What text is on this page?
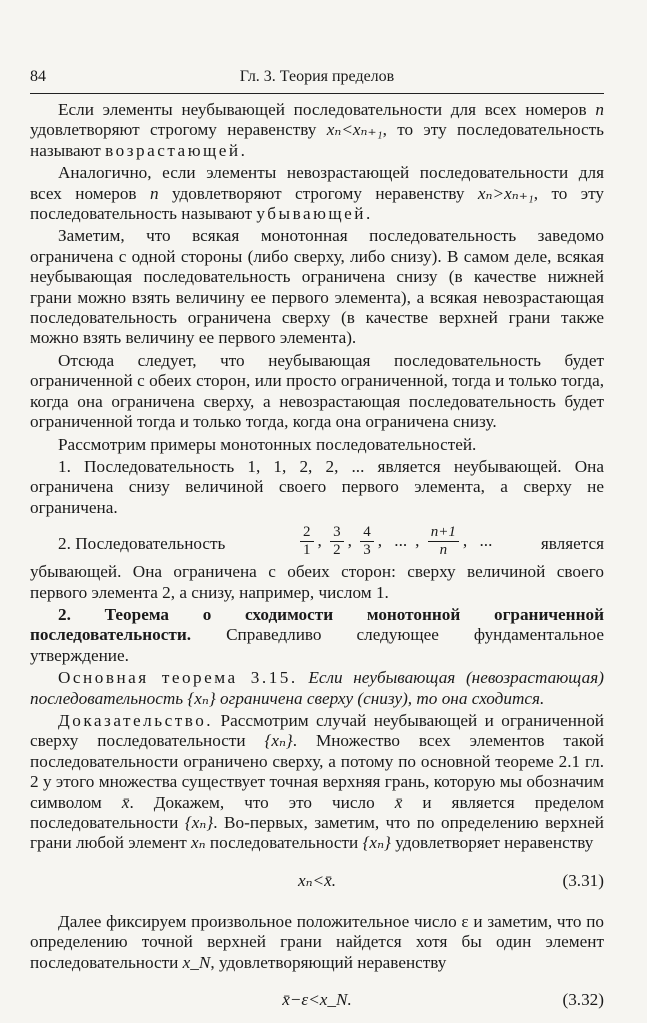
84	Гл. 3. Теория пределов

Если элементы неубывающей последовательности для всех номеров n удовлетворяют строгому неравенству xₙ<xₙ₊₁, то эту последовательность называют возрастающей.

Аналогично, если элементы невозрастающей последовательности для всех номеров n удовлетворяют строгому неравенству xₙ>xₙ₊₁, то эту последовательность называют убывающей.

Заметим, что всякая монотонная последовательность заведомо ограничена с одной стороны (либо сверху, либо снизу). В самом деле, всякая неубывающая последовательность ограничена снизу (в качестве нижней грани можно взять величину ее первого элемента), а всякая невозрастающая последовательность ограничена сверху (в качестве верхней грани также можно взять величину ее первого элемента).

Отсюда следует, что неубывающая последовательность будет ограниченной с обеих сторон, или просто ограниченной, тогда и только тогда, когда она ограничена сверху, а невозрастающая последовательность будет ограниченной тогда и только тогда, когда она ограничена снизу.

Рассмотрим примеры монотонных последовательностей.

1. Последовательность 1, 1, 2, 2, ... является неубывающей. Она ограничена снизу величиной своего первого элемента, а сверху не ограничена.

2. Последовательность	$\frac{2}{1}$ , $\frac{3}{2}$ , $\frac{4}{3}$ , ... , $\frac{n+1}{n}$ , ...	является

убывающей. Она ограничена с обеих сторон: сверху величиной своего первого элемента 2, а снизу, например, числом 1.

2. Теорема о сходимости монотонной ограниченной последовательности. Справедливо следующее фундаментальное утверждение.

Основная теорема 3.15. Если неубывающая (невозрастающая) последовательность {xₙ} ограничена сверху (снизу), то она сходится.

Доказательство. Рассмотрим случай неубывающей и ограниченной сверху последовательности {xₙ}. Множество всех элементов такой последовательности ограничено сверху, а потому по основной теореме 2.1 гл. 2 у этого множества существует точная верхняя грань, которую мы обозначим символом x̄. Докажем, что это число x̄ и является пределом последовательности {xₙ}. Во-первых, заметим, что по определению верхней грани любой элемент xₙ последовательности {xₙ} удовлетворяет неравенству

xₙ<x̄.	(3.31)

Далее фиксируем произвольное положительное число ε и заметим, что по определению точной верхней грани найдется хотя бы один элемент последовательности x_N, удовлетворяющий неравенству

x̄−ε<x_N.	(3.32)
